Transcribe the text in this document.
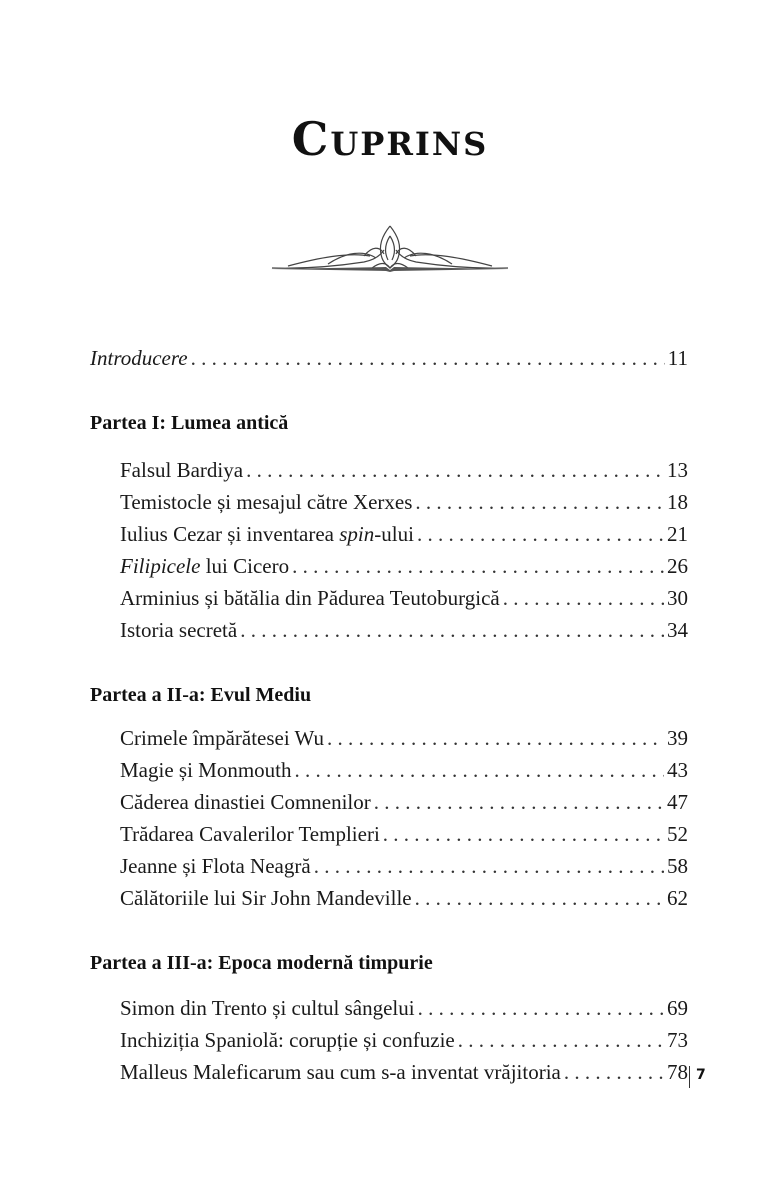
Cuprins
Introducere . . .	11
Partea I: Lumea antică
Falsul Bardiya . . .	13
Temistocle și mesajul către Xerxes . . .	18
Iulius Cezar și inventarea spin-ului . . .	21
Filipicele lui Cicero . . .	26
Arminius și bătălia din Pădurea Teutoburgică . . .	30
Istoria secretă . . .	34
Partea a II-a: Evul Mediu
Crimele împărătesei Wu . . .	39
Magie și Monmouth . . .	43
Căderea dinastiei Comnenilor . . .	47
Trădarea Cavalerilor Templieri . . .	52
Jeanne și Flota Neagră . . .	58
Călătoriile lui Sir John Mandeville . . .	62
Partea a III-a: Epoca modernă timpurie
Simon din Trento și cultul sângelui . . .	69
Inchiziția Spaniolă: corupție și confuzie . . .	73
Malleus Maleficarum sau cum s-a inventat vrăjitoria . . .	78 7
